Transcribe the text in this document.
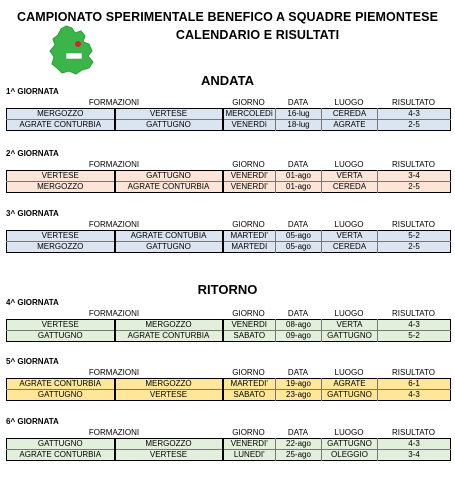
CAMPIONATO SPERIMENTALE BENEFICO A SQUADRE PIEMONTESE
CALENDARIO E RISULTATI
ANDATA
RITORNO
1^ GIORNATA
FORMAZIONI	GIORNO	DATA	LUOGO	RISULTATO
MERGOZZO	VERTESE	MERCOLEDì	16-lug	CEREDA	4-3
AGRATE CONTURBIA	GATTUGNO	VENERDì	18-lug	AGRATE	2-5
2^ GIORNATA
FORMAZIONI	GIORNO	DATA	LUOGO	RISULTATO
VERTESE	GATTUGNO	VENERDI'	01-ago	VERTA	3-4
MERGOZZO	AGRATE CONTURBIA	VENERDI'	01-ago	CEREDA	2-5
3^ GIORNATA
FORMAZIONI	GIORNO	DATA	LUOGO	RISULTATO
VERTESE	AGRATE CONTUBIA	MARTEDI'	05-ago	VERTA	5-2
MERGOZZO	GATTUGNO	MARTEDI	05-ago	CEREDA	2-5
4^ GIORNATA
FORMAZIONI	GIORNO	DATA	LUOGO	RISULTATO
VERTESE	MERGOZZO	VENERDI	08-ago	VERTA	4-3
GATTUGNO	AGRATE CONTURBIA	SABATO	09-ago	GATTUGNO	5-2
5^ GIORNATA
FORMAZIONI	GIORNO	DATA	LUOGO	RISULTATO
AGRATE CONTURBIA	MERGOZZO	MARTEDI'	19-ago	AGRATE	6-1
GATTUGNO	VERTESE	SABATO	23-ago	GATTUGNO	4-3
6^ GIORNATA
FORMAZIONI	GIORNO	DATA	LUOGO	RISULTATO
GATTUGNO	MERGOZZO	VENERDI'	22-ago	GATTUGNO	4-3
AGRATE CONTURBIA	VERTESE	LUNEDI'	25-ago	OLEGGIO	3-4
